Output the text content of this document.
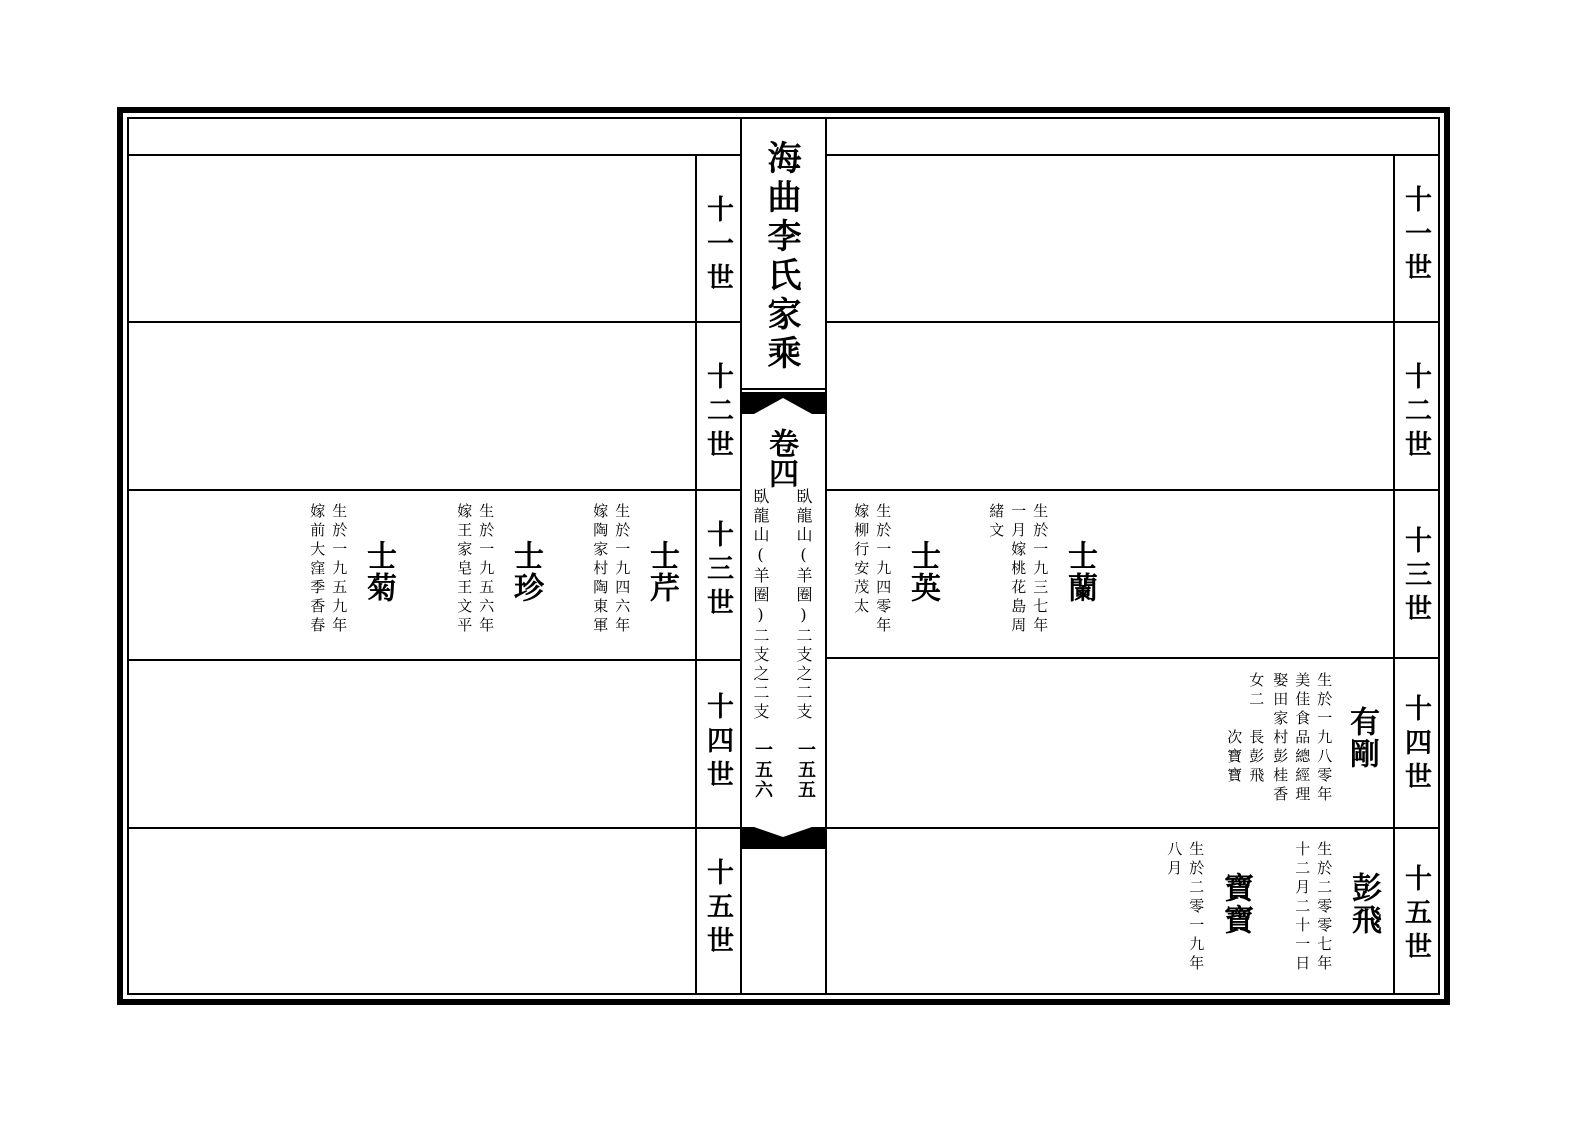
十一世
十二世
十三世
十四世
十五世
十一世
十二世
十三世
十四世
十五世
海曲李氏家乘
卷四
臥龍山(羊圈)二支之二支
臥龍山(羊圈)二支之二支
一五五
一五六
士芹
生於一九四六年
嫁陶家村陶東軍
士珍
生於一九五六年
嫁王家皂王文平
士菊
生於一九五九年
嫁前大窪季香春	士蘭
生於一九三七年
一月嫁桃花島周
緒文
士英
生於一九四零年
嫁柳行安茂太
有剛
生於一九八零年
美佳食品總經理
娶田家村彭桂香
女二　長彭飛
　　　次寶寶
彭飛
生於二零零七年
十二月二十一日
寶寶
生於二零一九年
八月
